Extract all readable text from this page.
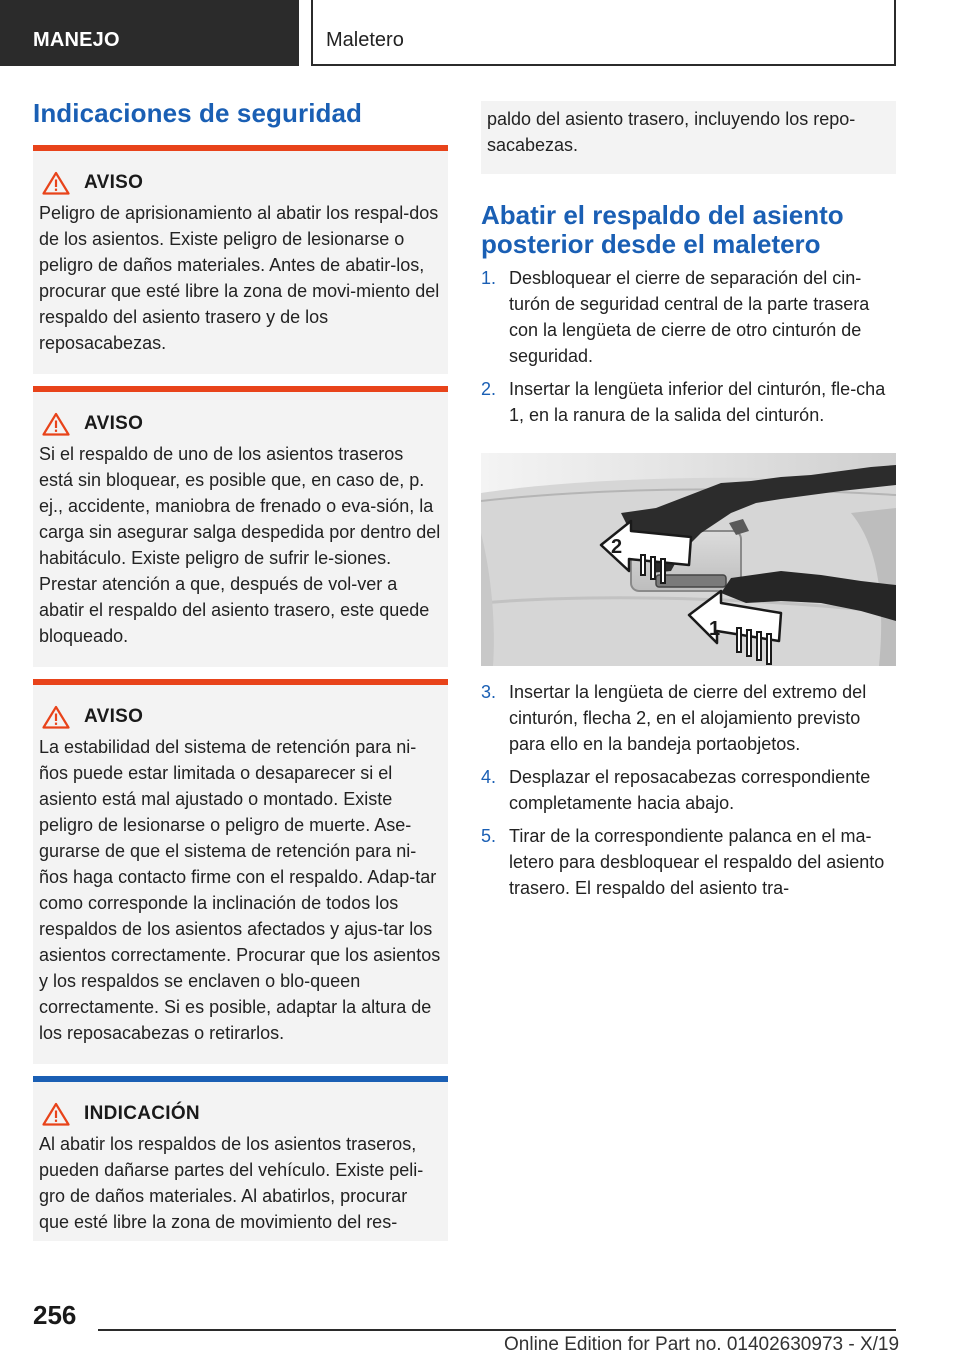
MANEJO	Maletero
Indicaciones de seguridad
AVISO

Peligro de aprisionamiento al abatir los respal‐dos de los asientos. Existe peligro de lesionarse o peligro de daños materiales. Antes de abatir‐los, procurar que esté libre la zona de movi‐miento del respaldo del asiento trasero y de los reposacabezas.

AVISO

Si el respaldo de uno de los asientos traseros está sin bloquear, es posible que, en caso de, p. ej., accidente, maniobra de frenado o eva‐sión, la carga sin asegurar salga despedida por dentro del habitáculo. Existe peligro de sufrir le‐siones. Prestar atención a que, después de vol‐ver a abatir el respaldo del asiento trasero, este quede bloqueado.

AVISO

La estabilidad del sistema de retención para ni‐ños puede estar limitada o desaparecer si el asiento está mal ajustado o montado. Existe peligro de lesionarse o peligro de muerte. Ase‐gurarse de que el sistema de retención para ni‐ños haga contacto firme con el respaldo. Adap‐tar como corresponde la inclinación de todos los respaldos de los asientos afectados y ajus‐tar los asientos correctamente. Procurar que los asientos y los respaldos se enclaven o blo‐queen correctamente. Si es posible, adaptar la altura de los reposacabezas o retirarlos.

INDICACIÓN

Al abatir los respaldos de los asientos traseros, pueden dañarse partes del vehículo. Existe peli‐gro de daños materiales. Al abatirlos, procurar que esté libre la zona de movimiento del res‐

paldo del asiento trasero, incluyendo los repo‐sacabezas.

Abatir el respaldo del asiento posterior desde el maletero
1. Desbloquear el cierre de separación del cin‐turón de seguridad central de la parte trasera con la lengüeta de cierre de otro cinturón de seguridad.
2. Insertar la lengüeta inferior del cinturón, fle‐cha 1, en la ranura de la salida del cinturón.
2
1
3. Insertar la lengüeta de cierre del extremo del cinturón, flecha 2, en el alojamiento previsto para ello en la bandeja portaobjetos.
4. Desplazar el reposacabezas correspondiente completamente hacia abajo.
5. Tirar de la correspondiente palanca en el ma‐letero para desbloquear el respaldo del asiento trasero. El respaldo del asiento tra‐
256
Online Edition for Part no. 01402630973 - X/19
